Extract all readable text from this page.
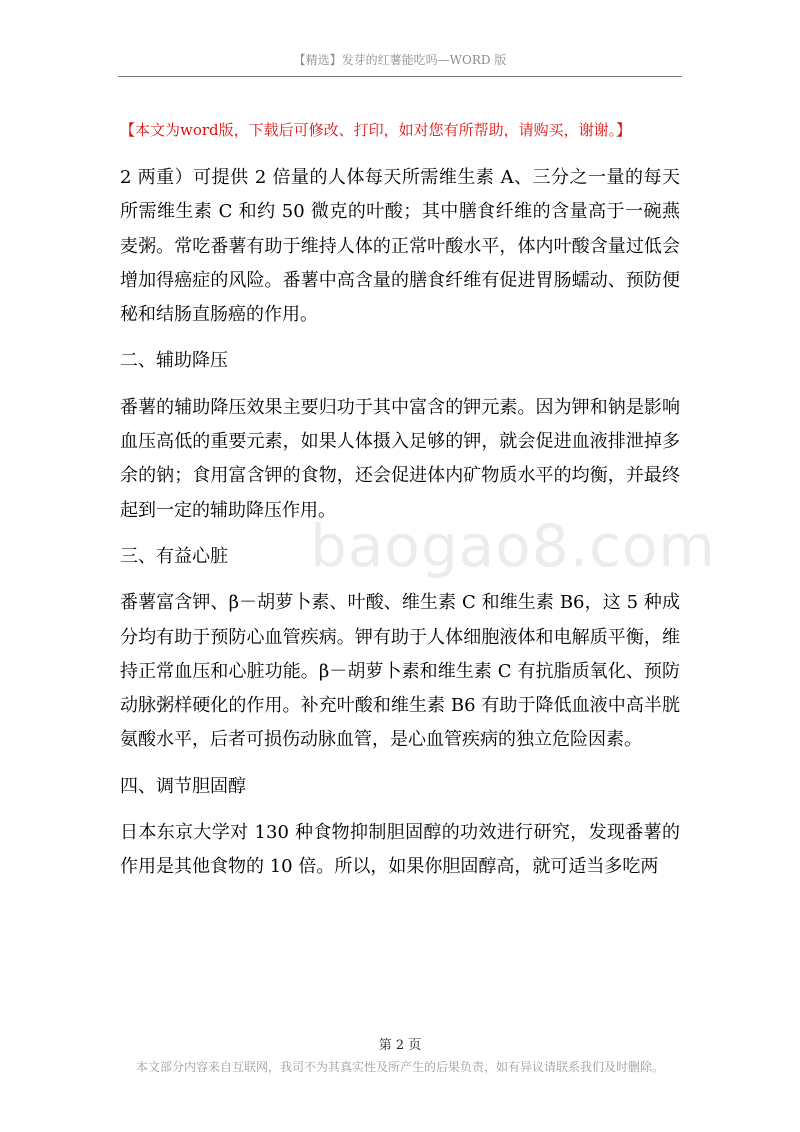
【精选】发芽的红薯能吃吗—WORD 版
【本文为word版，下载后可修改、打印，如对您有所帮助，请购买，谢谢。】

2 两重）可提供 2 倍量的人体每天所需维生素 A、三分之一量的每天所需维生素 C 和约 50 微克的叶酸；其中膳食纤维的含量高于一碗燕麦粥。常吃番薯有助于维持人体的正常叶酸水平，体内叶酸含量过低会增加得癌症的风险。番薯中高含量的膳食纤维有促进胃肠蠕动、预防便秘和结肠直肠癌的作用。

二、辅助降压

番薯的辅助降压效果主要归功于其中富含的钾元素。因为钾和钠是影响血压高低的重要元素，如果人体摄入足够的钾，就会促进血液排泄掉多余的钠；食用富含钾的食物，还会促进体内矿物质水平的均衡，并最终起到一定的辅助降压作用。

三、有益心脏

番薯富含钾、β－胡萝卜素、叶酸、维生素 C 和维生素 B6，这 5 种成分均有助于预防心血管疾病。钾有助于人体细胞液体和电解质平衡，维持正常血压和心脏功能。β－胡萝卜素和维生素 C 有抗脂质氧化、预防动脉粥样硬化的作用。补充叶酸和维生素 B6 有助于降低血液中高半胱氨酸水平，后者可损伤动脉血管，是心血管疾病的独立危险因素。

四、调节胆固醇

日本东京大学对 130 种食物抑制胆固醇的功效进行研究，发现番薯的作用是其他食物的 10 倍。所以，如果你胆固醇高，就可适当多吃两

baogao8.com
第 2 页
本文部分内容来自互联网，我司不为其真实性及所产生的后果负责，如有异议请联系我们及时删除。
